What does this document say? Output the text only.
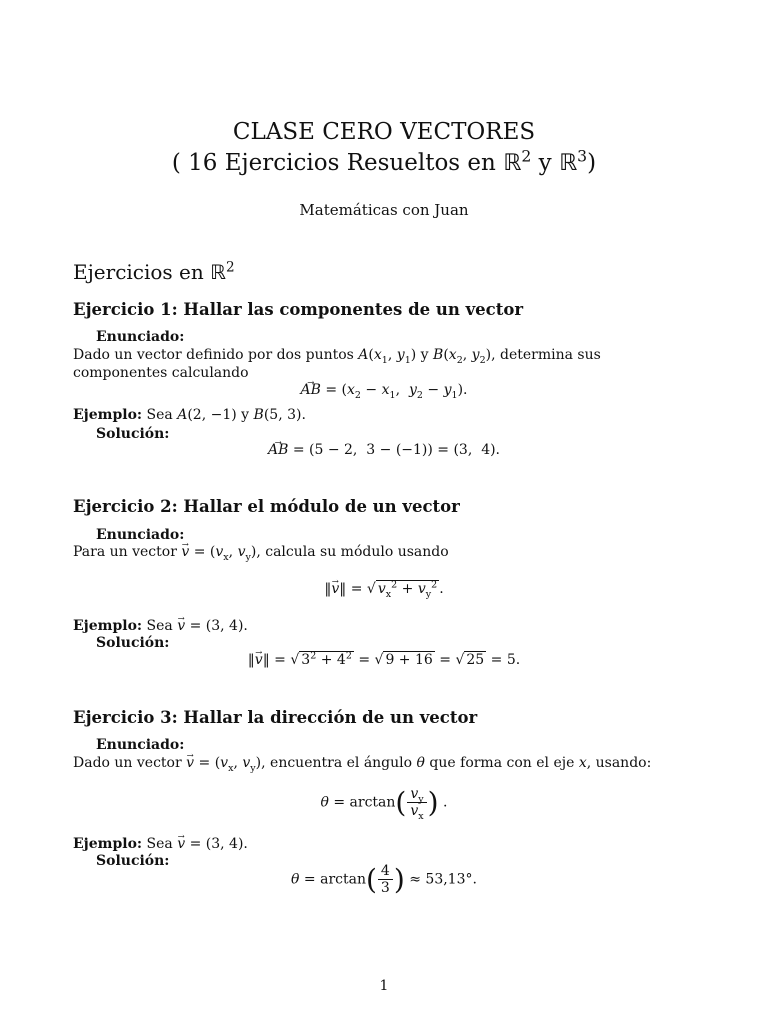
CLASE CERO VECTORES
( 16 Ejercicios Resueltos en ℝ$^2$ y ℝ$^3$)
Matemáticas con Juan
Ejercicios en ℝ$^2$
Ejercicio 1: Hallar las componentes de un vector
Enunciado:
Dado un vector definido por dos puntos $A(x_1$, $y_1$) y $B(x_2$, $y_2$), determina sus componentes calculando
→ AB = ($x_2 - x_1$,  $y_2 - y_1$).
Ejemplo: Sea A(2, −1) y B(5, 3).
Solución:
→ AB = (5 − 2,  3 − (−1)) = (3,  4).
Ejercicio 2: Hallar el módulo de un vector
Enunciado:
Para un vector → $v = (v_x$, $v_y$), calcula su módulo usando
‖→ v‖ = √ $v_x^2 + v_y^2$ .
Ejemplo: Sea → v = (3, 4).
Solución:
‖→ v‖ = √ $3^2 + 4^2$ = √ 9 + 16 = √ 25 = 5.
Ejercicio 3: Hallar la dirección de un vector
Enunciado:
Dado un vector → $v = (v_x$, $v_y$), encuentra el ángulo θ que forma con el eje x, usando:
$\theta = \arctan( \frac{v_y}{v_x}$ ) .
Ejemplo: Sea → v = (3, 4).
Solución:
$\theta = \arctan( \frac{4}{3}$ ) ≈ 53,13°.
1
